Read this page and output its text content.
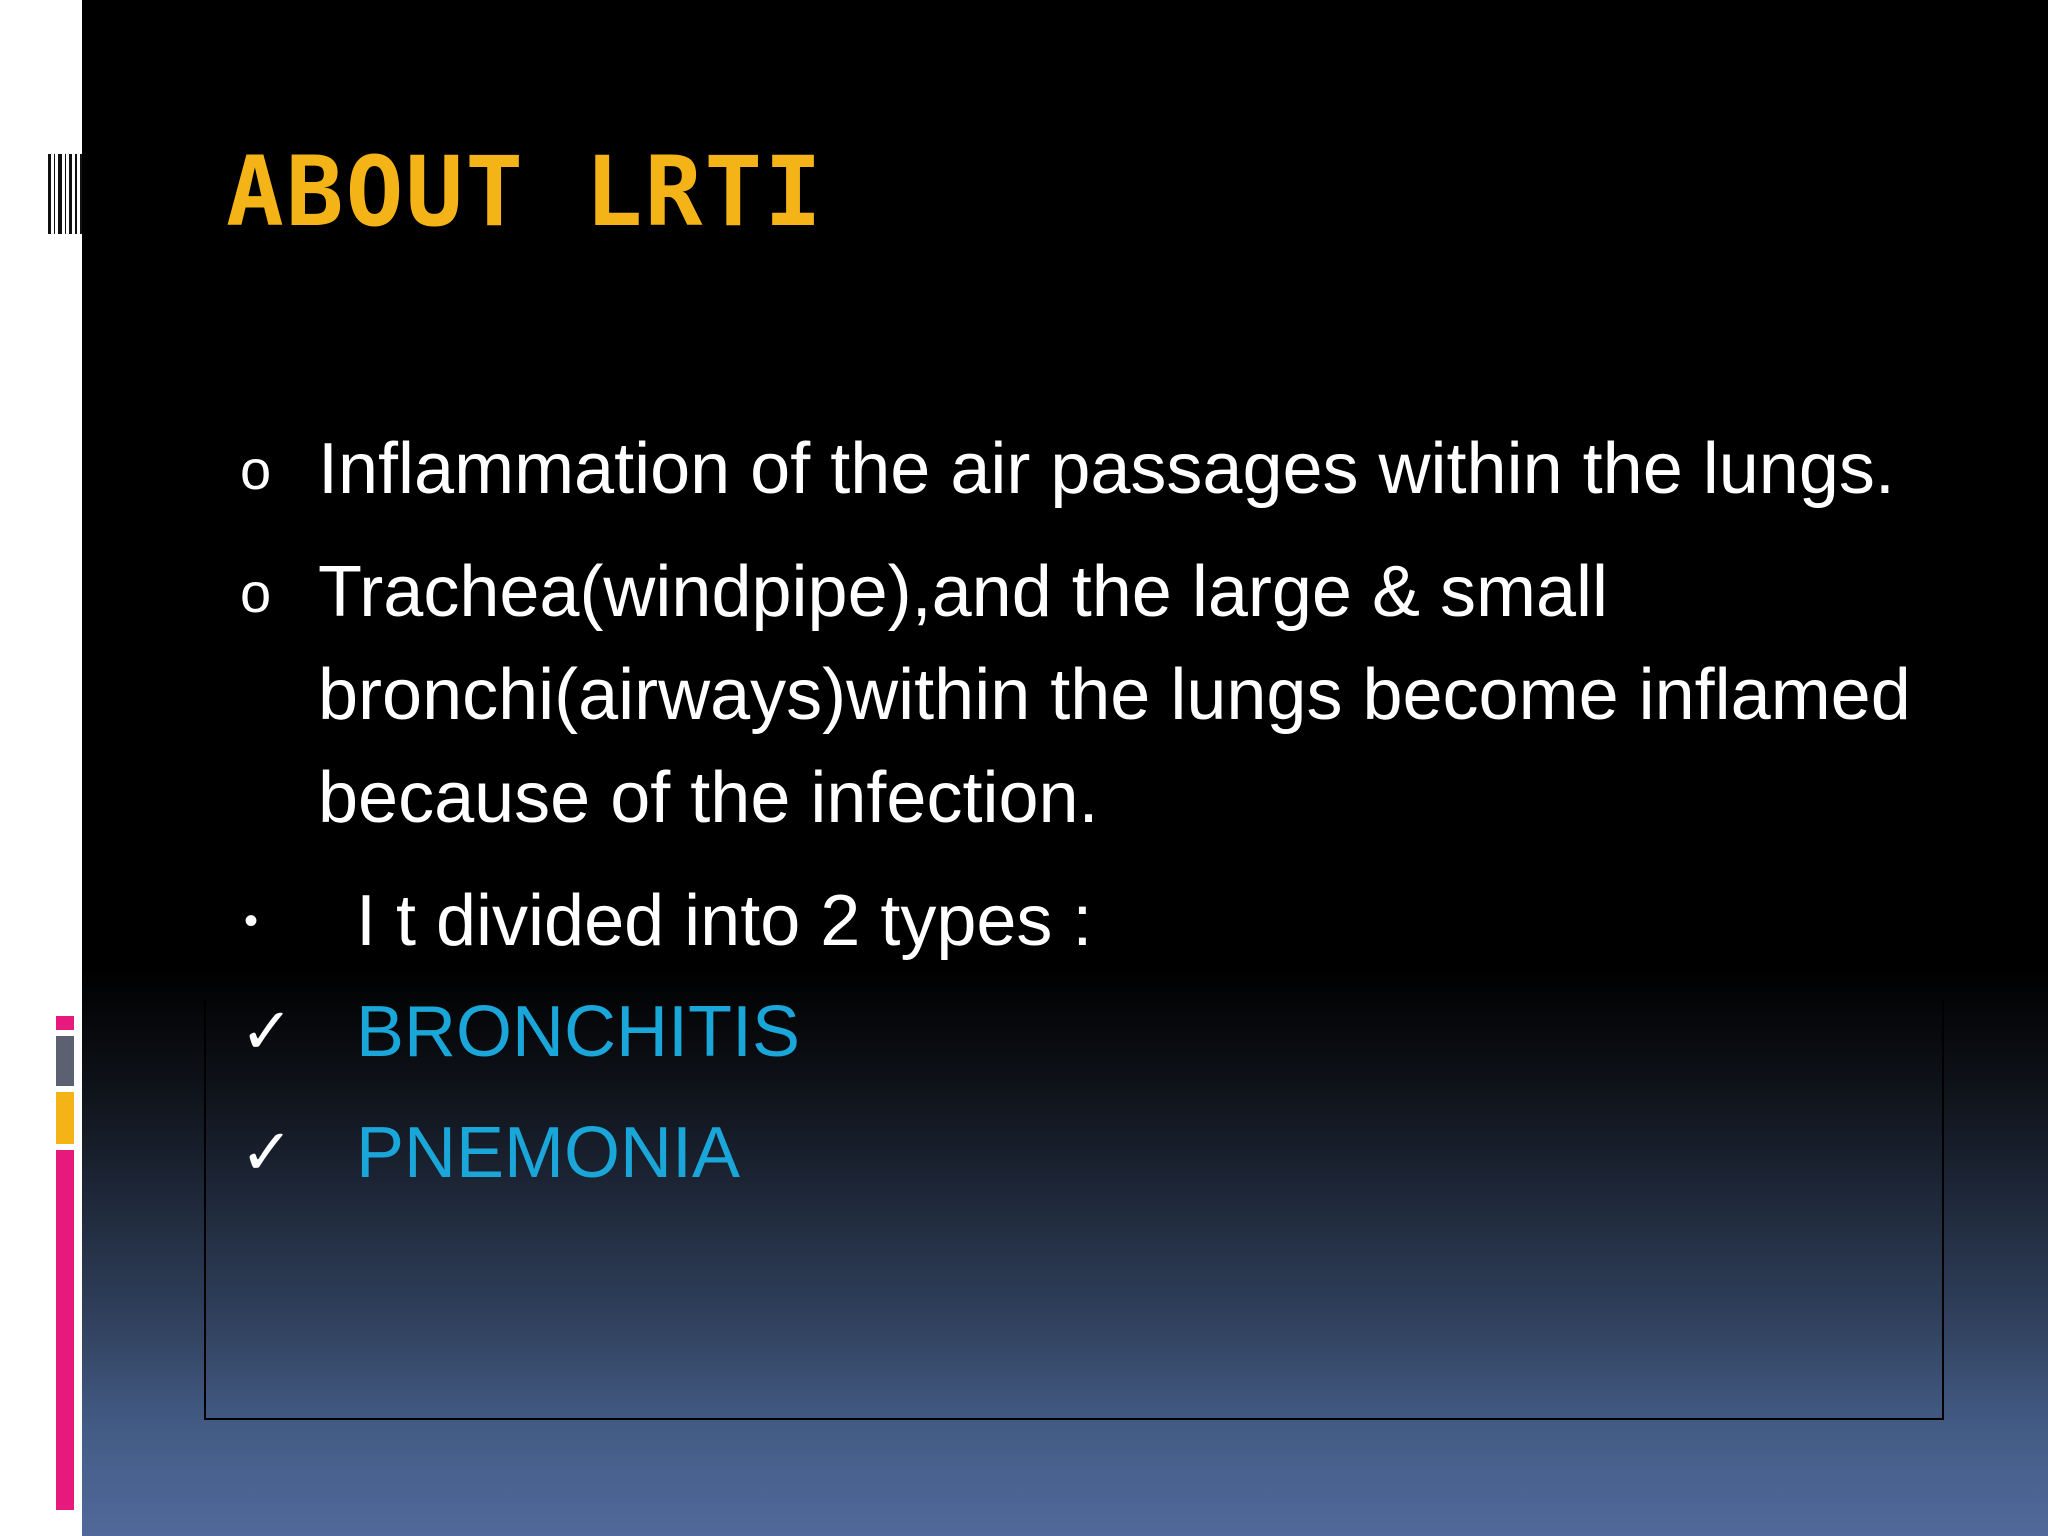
ABOUT LRTI

o Inflammation of the air passages within the lungs.

o Trachea(windpipe),and the large & small bronchi(airways)within the lungs become inflamed because of the infection.

•	I t divided into 2 types :

✓ BRONCHITIS

✓ PNEMONIA
